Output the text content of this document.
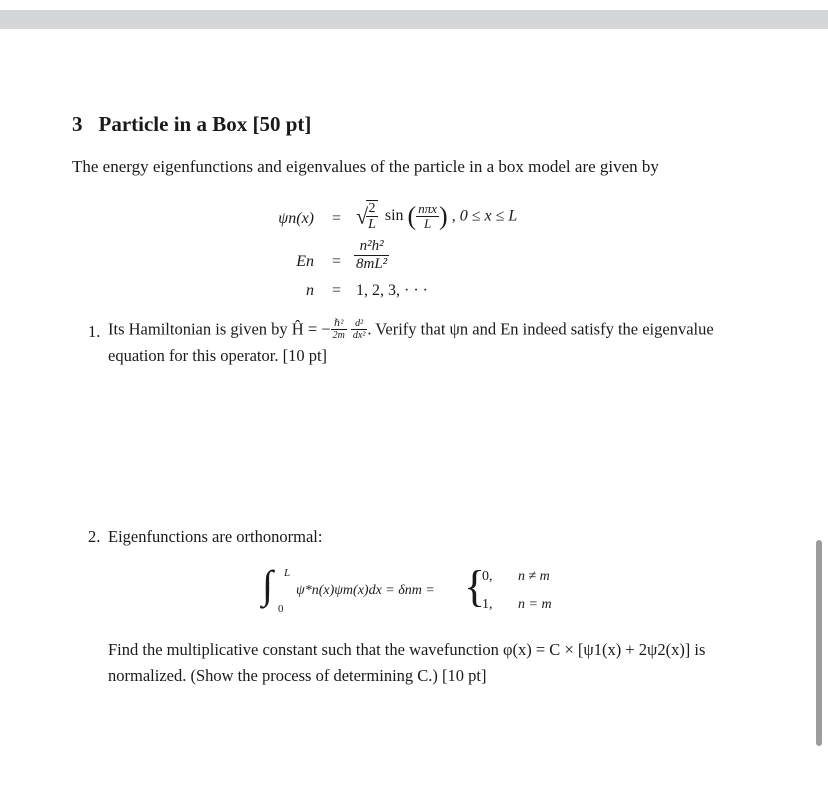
3 Particle in a Box [50 pt]
The energy eigenfunctions and eigenvalues of the particle in a box model are given by
ψn(x) = √
$\frac{2}{L}$ sin ( $\frac{\text{nπx}}{L}$ ) , 0 ≤ x ≤ L
$En = \frac{\text{n²h²}}{\text{8mL²}}$
n = 1, 2, 3, · · ·
1. Its Hamiltonian is given by Ĥ = − $\frac{\text{ℏ²}}{2m}$
$\frac{\text{d²}}{\text{dx²}}$ . Verify that ψn and En indeed satisfy the eigenvalue
equation for this operator. [10 pt]
2. Eigenfunctions are orthonormal:
∫ L
0
ψ*n(x)ψm(x)dx = δnm = {
0, n ≠ m
1, n = m
Find the multiplicative constant such that the wavefunction φ(x) = C × [ψ1(x) + 2ψ2(x)] is
normalized. (Show the process of determining C.) [10 pt]
